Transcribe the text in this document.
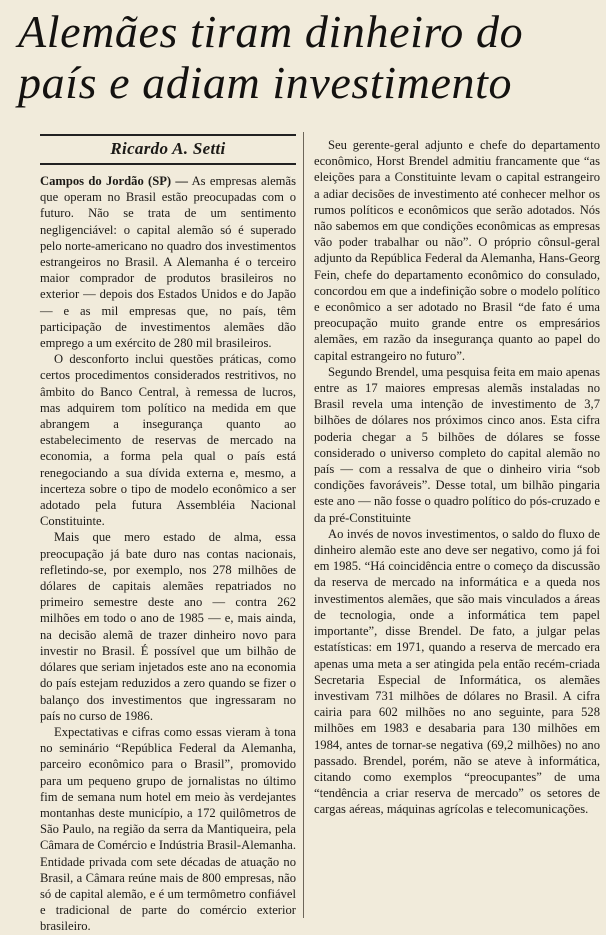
Alemães tiram dinheiro do
país e adiam investimento
Ricardo A. Setti

Campos do Jordão (SP) — As empresas alemãs que operam no Brasil estão preocupadas com o futuro. Não se trata de um sentimento negligenciável: o capital alemão só é superado pelo norte-americano no quadro dos investimentos estrangeiros no Brasil. A Alemanha é o terceiro maior comprador de produtos brasileiros no exterior — depois dos Estados Unidos e do Japão — e as mil empresas que, no país, têm participação de investimentos alemães dão emprego a um exército de 280 mil brasileiros.

O desconforto inclui questões práticas, como certos procedimentos considerados restritivos, no âmbito do Banco Central, à remessa de lucros, mas adquirem tom político na medida em que abrangem a insegurança quanto ao estabelecimento de reservas de mercado na economia, a forma pela qual o país está renegociando a sua dívida externa e, mesmo, a incerteza sobre o tipo de modelo econômico a ser adotado pela futura Assembléia Nacional Constituinte.

Mais que mero estado de alma, essa preocupação já bate duro nas contas nacionais, refletindo-se, por exemplo, nos 278 milhões de dólares de capitais alemães repatriados no primeiro semestre deste ano — contra 262 milhões em todo o ano de 1985 — e, mais ainda, na decisão alemã de trazer dinheiro novo para investir no Brasil. É possível que um bilhão de dólares que seriam injetados este ano na economia do país estejam reduzidos a zero quando se fizer o balanço dos investimentos que ingressaram no país no curso de 1986.

Expectativas e cifras como essas vieram à tona no seminário “República Federal da Alemanha, parceiro econômico para o Brasil”, promovido para um pequeno grupo de jornalistas no último fim de semana num hotel em meio às verdejantes montanhas deste município, a 172 quilômetros de São Paulo, na região da serra da Mantiqueira, pela Câmara de Comércio e Indústria Brasil-Alemanha. Entidade privada com sete décadas de atuação no Brasil, a Câmara reúne mais de 800 empresas, não só de capital alemão, e é um termômetro confiável e tradicional de parte do comércio exterior brasileiro.

Seu gerente-geral adjunto e chefe do departamento econômico, Horst Brendel admitiu francamente que “as eleições para a Constituinte levam o capital estrangeiro a adiar decisões de investimento até conhecer melhor os rumos políticos e econômicos que serão adotados. Nós não sabemos em que condições econômicas as empresas vão poder trabalhar ou não”. O próprio cônsul-geral adjunto da República Federal da Alemanha, Hans-Georg Fein, chefe do departamento econômico do consulado, concordou em que a indefinição sobre o modelo político e econômico a ser adotado no Brasil “de fato é uma preocupação muito grande entre os empresários alemães, em razão da insegurança quanto ao papel do capital estrangeiro no futuro”.

Segundo Brendel, uma pesquisa feita em maio apenas entre as 17 maiores empresas alemãs instaladas no Brasil revela uma intenção de investimento de 3,7 bilhões de dólares nos próximos cinco anos. Esta cifra poderia chegar a 5 bilhões de dólares se fosse considerado o universo completo do capital alemão no país — com a ressalva de que o dinheiro viria “sob condições favoráveis”. Desse total, um bilhão pingaria este ano — não fosse o quadro político do pós-cruzado e da pré-Constituinte

Ao invés de novos investimentos, o saldo do fluxo de dinheiro alemão este ano deve ser negativo, como já foi em 1985. “Há coincidência entre o começo da discussão da reserva de mercado na informática e a queda nos investimentos alemães, que são mais vinculados a áreas de tecnologia, onde a informática tem papel importante”, disse Brendel. De fato, a julgar pelas estatísticas: em 1971, quando a reserva de mercado era apenas uma meta a ser atingida pela então recém-criada Secretaria Especial de Informática, os alemães investivam 731 milhões de dólares no Brasil. A cifra cairia para 602 milhões no ano seguinte, para 528 milhões em 1983 e desabaria para 130 milhões em 1984, antes de tornar-se negativa (69,2 milhões) no ano passado. Brendel, porém, não se ateve à informática, citando como exemplos “preocupantes” de uma “tendência a criar reserva de mercado” os setores de cargas aéreas, máquinas agrícolas e telecomunicações.
